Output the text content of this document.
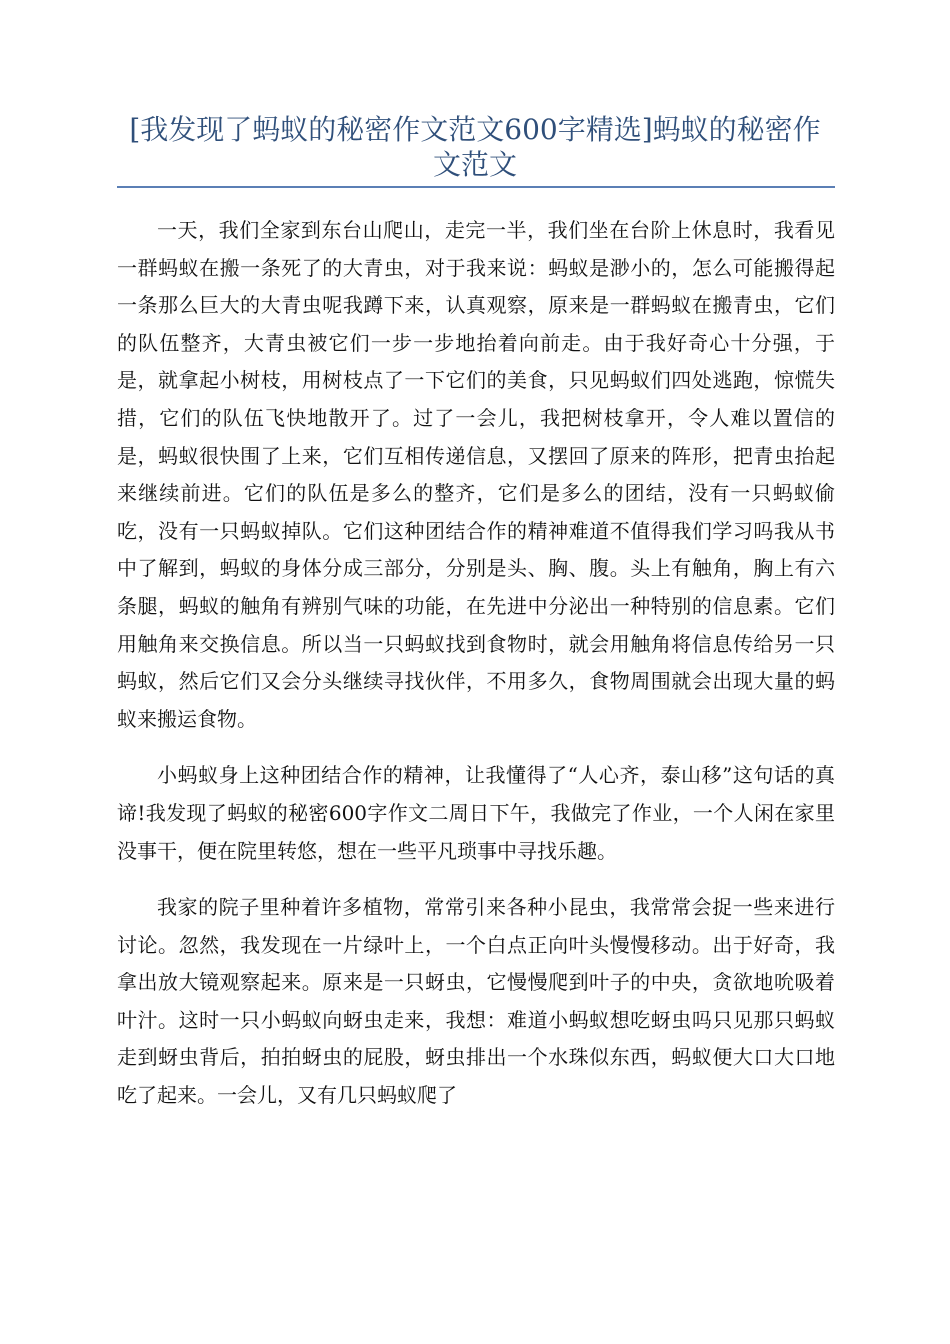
[我发现了蚂蚁的秘密作文范文600字精选]蚂蚁的秘密作文范文

一天，我们全家到东台山爬山，走完一半，我们坐在台阶上休息时，我看见一群蚂蚁在搬一条死了的大青虫，对于我来说：蚂蚁是渺小的，怎么可能搬得起一条那么巨大的大青虫呢我蹲下来，认真观察，原来是一群蚂蚁在搬青虫，它们的队伍整齐，大青虫被它们一步一步地抬着向前走。由于我好奇心十分强，于是，就拿起小树枝，用树枝点了一下它们的美食，只见蚂蚁们四处逃跑，惊慌失措，它们的队伍飞快地散开了。过了一会儿，我把树枝拿开，令人难以置信的是，蚂蚁很快围了上来，它们互相传递信息，又摆回了原来的阵形，把青虫抬起来继续前进。它们的队伍是多么的整齐，它们是多么的团结，没有一只蚂蚁偷吃，没有一只蚂蚁掉队。它们这种团结合作的精神难道不值得我们学习吗我从书中了解到，蚂蚁的身体分成三部分，分别是头、胸、腹。头上有触角，胸上有六条腿，蚂蚁的触角有辨别气味的功能，在先进中分泌出一种特别的信息素。它们用触角来交换信息。所以当一只蚂蚁找到食物时，就会用触角将信息传给另一只蚂蚁，然后它们又会分头继续寻找伙伴，不用多久，食物周围就会出现大量的蚂蚁来搬运食物。

小蚂蚁身上这种团结合作的精神，让我懂得了“人心齐，泰山移”这句话的真谛!我发现了蚂蚁的秘密600字作文二周日下午，我做完了作业，一个人闲在家里没事干，便在院里转悠，想在一些平凡琐事中寻找乐趣。

我家的院子里种着许多植物，常常引来各种小昆虫，我常常会捉一些来进行讨论。忽然，我发现在一片绿叶上，一个白点正向叶头慢慢移动。出于好奇，我拿出放大镜观察起来。原来是一只蚜虫，它慢慢爬到叶子的中央，贪欲地吮吸着叶汁。这时一只小蚂蚁向蚜虫走来，我想：难道小蚂蚁想吃蚜虫吗只见那只蚂蚁走到蚜虫背后，拍拍蚜虫的屁股，蚜虫排出一个水珠似东西，蚂蚁便大口大口地吃了起来。一会儿，又有几只蚂蚁爬了
